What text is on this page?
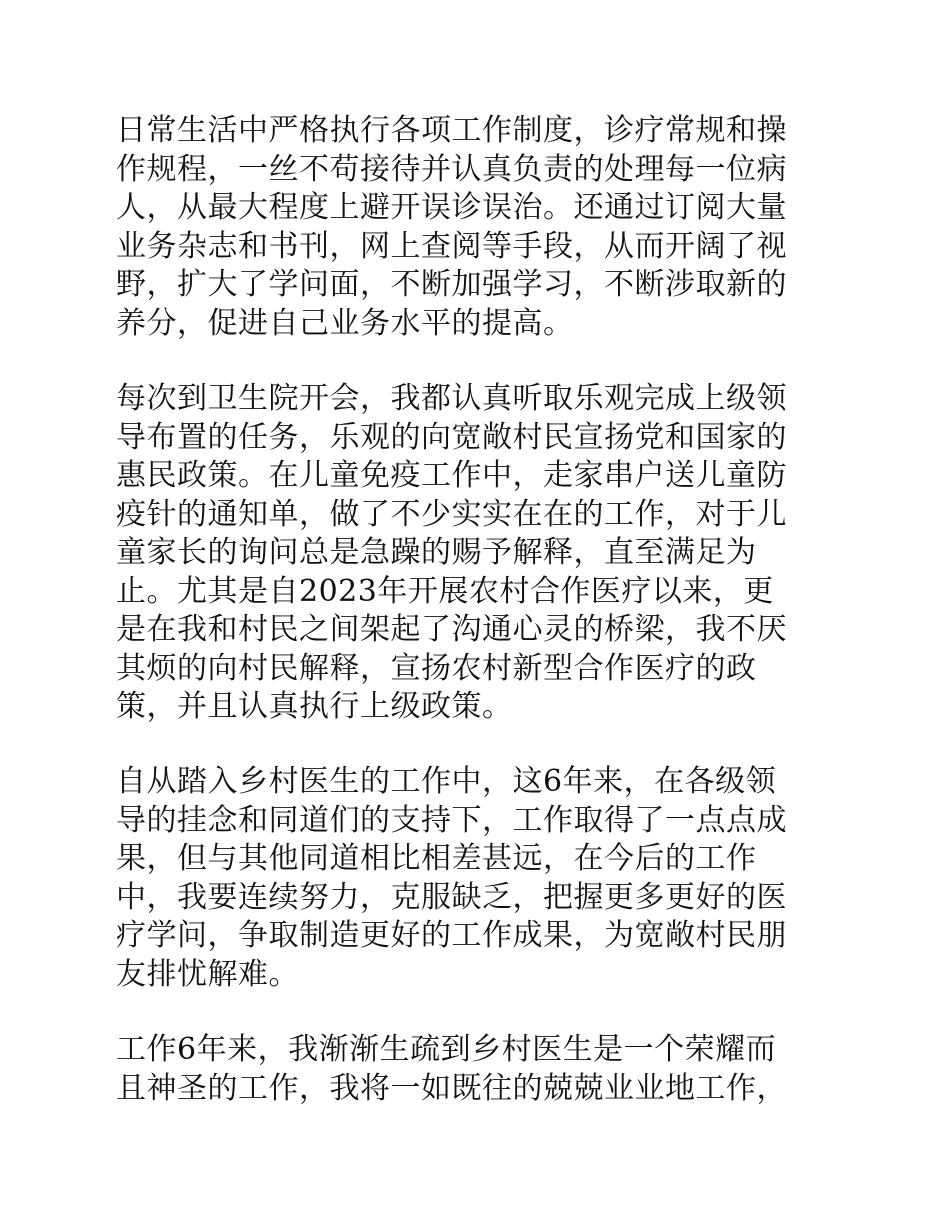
日常生活中严格执行各项工作制度，诊疗常规和操
作规程，一丝不苟接待并认真负责的处理每一位病
人，从最大程度上避开误诊误治。还通过订阅大量
业务杂志和书刊，网上查阅等手段，从而开阔了视
野，扩大了学问面，不断加强学习，不断涉取新的
养分，促进自己业务水平的提高。

每次到卫生院开会，我都认真听取乐观完成上级领
导布置的任务，乐观的向宽敞村民宣扬党和国家的
惠民政策。在儿童免疫工作中，走家串户送儿童防
疫针的通知单，做了不少实实在在的工作，对于儿
童家长的询问总是急躁的赐予解释，直至满足为
止。尤其是自2023年开展农村合作医疗以来，更
是在我和村民之间架起了沟通心灵的桥梁，我不厌
其烦的向村民解释，宣扬农村新型合作医疗的政
策，并且认真执行上级政策。

自从踏入乡村医生的工作中，这6年来，在各级领
导的挂念和同道们的支持下，工作取得了一点点成
果，但与其他同道相比相差甚远，在今后的工作
中，我要连续努力，克服缺乏，把握更多更好的医
疗学问，争取制造更好的工作成果，为宽敞村民朋
友排忧解难。

工作6年来，我渐渐生疏到乡村医生是一个荣耀而
且神圣的工作，我将一如既往的兢兢业业地工作，
